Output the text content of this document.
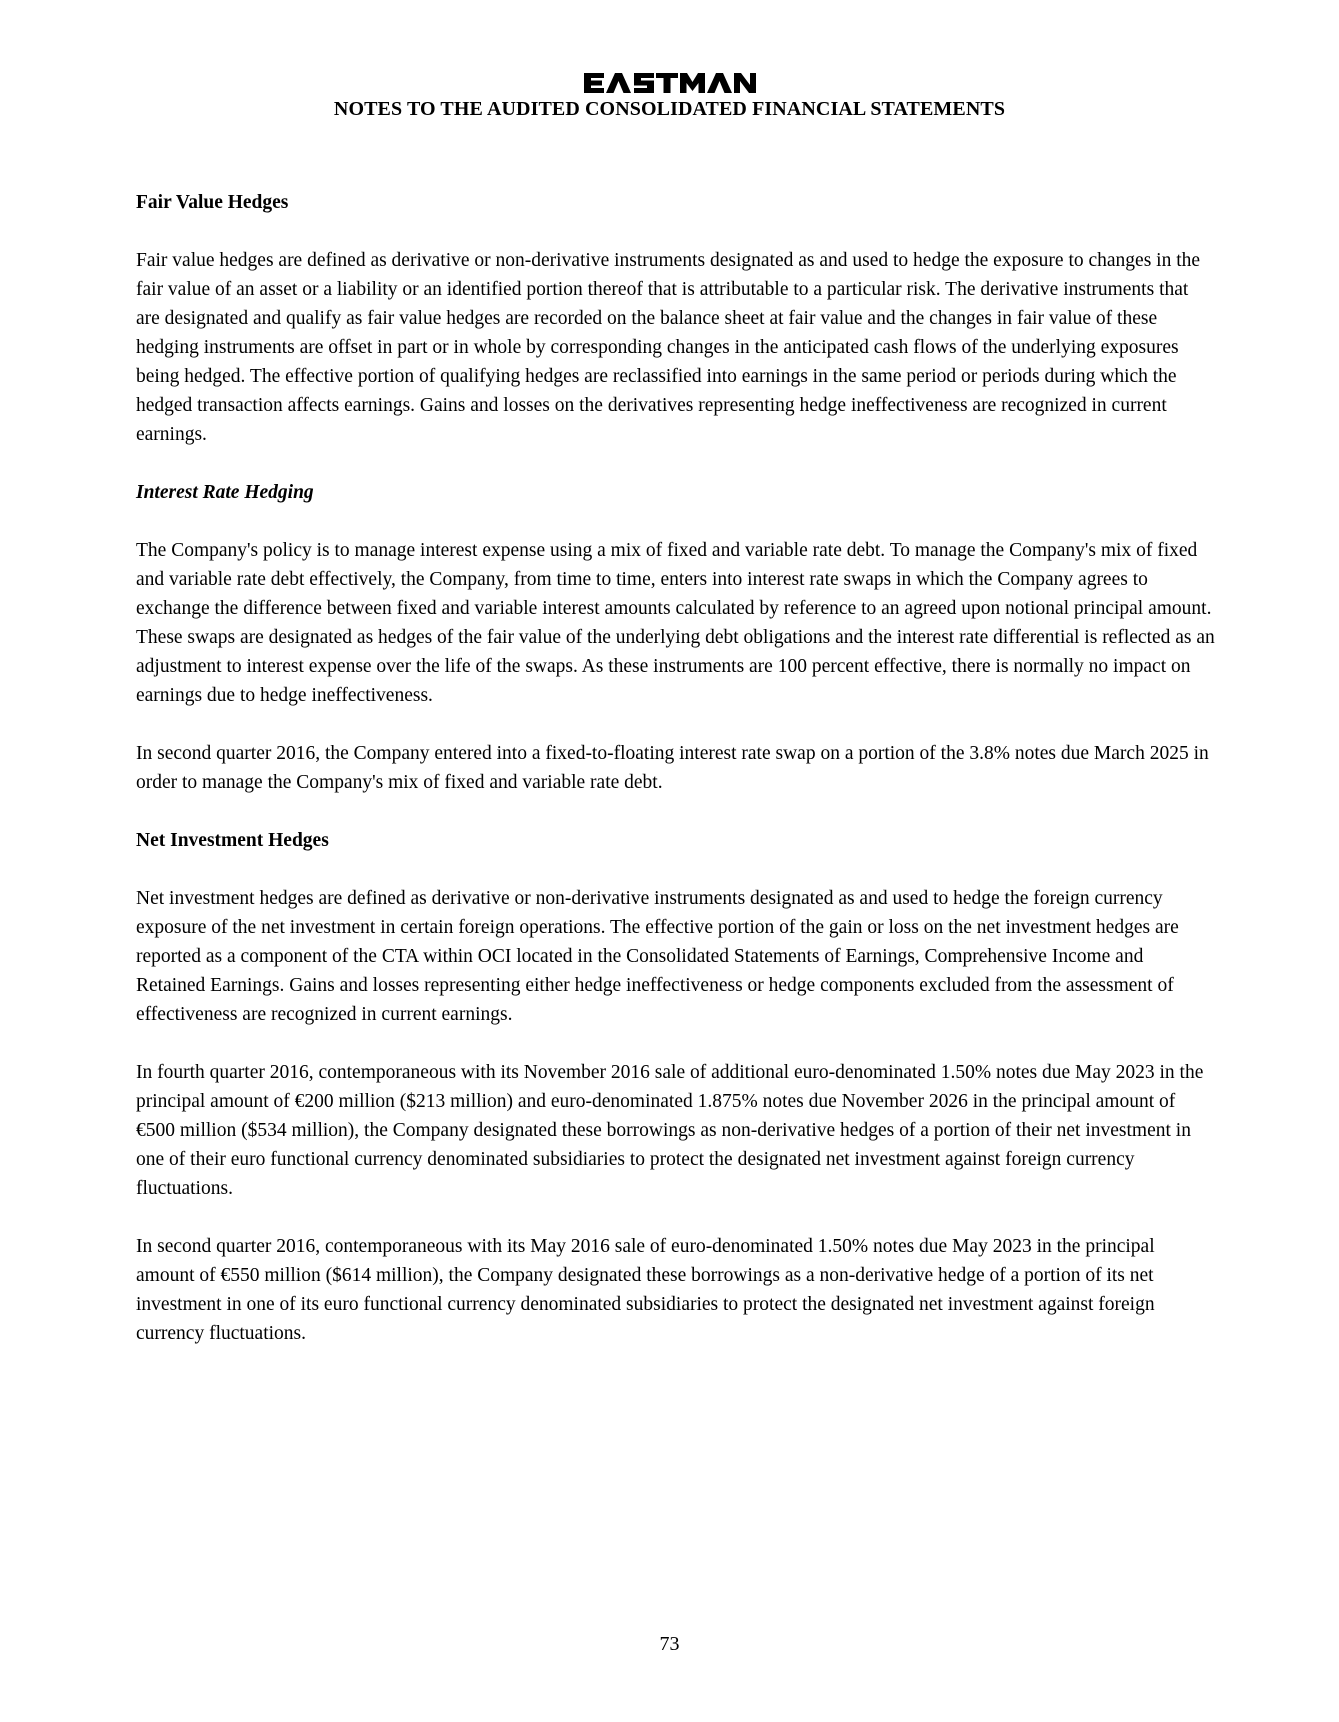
NOTES TO THE AUDITED CONSOLIDATED FINANCIAL STATEMENTS
Fair Value Hedges

Fair value hedges are defined as derivative or non-derivative instruments designated as and used to hedge the exposure to changes in the fair value of an asset or a liability or an identified portion thereof that is attributable to a particular risk. The derivative instruments that are designated and qualify as fair value hedges are recorded on the balance sheet at fair value and the changes in fair value of these hedging instruments are offset in part or in whole by corresponding changes in the anticipated cash flows of the underlying exposures being hedged. The effective portion of qualifying hedges are reclassified into earnings in the same period or periods during which the hedged transaction affects earnings. Gains and losses on the derivatives representing hedge ineffectiveness are recognized in current earnings.

Interest Rate Hedging

The Company's policy is to manage interest expense using a mix of fixed and variable rate debt. To manage the Company's mix of fixed and variable rate debt effectively, the Company, from time to time, enters into interest rate swaps in which the Company agrees to exchange the difference between fixed and variable interest amounts calculated by reference to an agreed upon notional principal amount. These swaps are designated as hedges of the fair value of the underlying debt obligations and the interest rate differential is reflected as an adjustment to interest expense over the life of the swaps. As these instruments are 100 percent effective, there is normally no impact on earnings due to hedge ineffectiveness.

In second quarter 2016, the Company entered into a fixed-to-floating interest rate swap on a portion of the 3.8% notes due March 2025 in order to manage the Company's mix of fixed and variable rate debt.

Net Investment Hedges

Net investment hedges are defined as derivative or non-derivative instruments designated as and used to hedge the foreign currency exposure of the net investment in certain foreign operations. The effective portion of the gain or loss on the net investment hedges are reported as a component of the CTA within OCI located in the Consolidated Statements of Earnings, Comprehensive Income and Retained Earnings. Gains and losses representing either hedge ineffectiveness or hedge components excluded from the assessment of effectiveness are recognized in current earnings.

In fourth quarter 2016, contemporaneous with its November 2016 sale of additional euro-denominated 1.50% notes due May 2023 in the principal amount of €200 million ($213 million) and euro-denominated 1.875% notes due November 2026 in the principal amount of €500 million ($534 million), the Company designated these borrowings as non-derivative hedges of a portion of their net investment in one of their euro functional currency denominated subsidiaries to protect the designated net investment against foreign currency fluctuations.

In second quarter 2016, contemporaneous with its May 2016 sale of euro-denominated 1.50% notes due May 2023 in the principal amount of €550 million ($614 million), the Company designated these borrowings as a non-derivative hedge of a portion of its net investment in one of its euro functional currency denominated subsidiaries to protect the designated net investment against foreign currency fluctuations.

73
